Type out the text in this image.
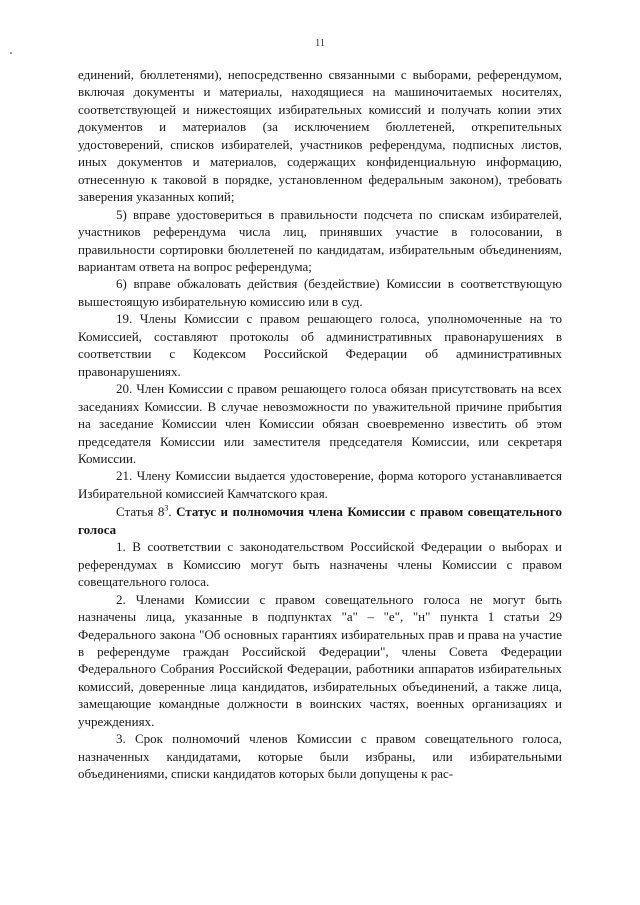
11

единений, бюллетенями), непосредственно связанными с выборами, референдумом, включая документы и материалы, находящиеся на машиночитаемых носителях, соответствующей и нижестоящих избирательных комиссий и получать копии этих документов и материалов (за исключением бюллетеней, открепительных удостоверений, списков избирателей, участников референдума, подписных листов, иных документов и материалов, содержащих конфиденциальную информацию, отнесенную к таковой в порядке, установленном федеральным законом), требовать заверения указанных копий;

5) вправе удостовериться в правильности подсчета по спискам избирателей, участников референдума числа лиц, принявших участие в голосовании, в правильности сортировки бюллетеней по кандидатам, избирательным объединениям, вариантам ответа на вопрос референдума;

6) вправе обжаловать действия (бездействие) Комиссии в соответствующую вышестоящую избирательную комиссию или в суд.

19. Члены Комиссии с правом решающего голоса, уполномоченные на то Комиссией, составляют протоколы об административных правонарушениях в соответствии с Кодексом Российской Федерации об административных правонарушениях.

20. Член Комиссии с правом решающего голоса обязан присутствовать на всех заседаниях Комиссии. В случае невозможности по уважительной причине прибытия на заседание Комиссии член Комиссии обязан своевременно известить об этом председателя Комиссии или заместителя председателя Комиссии, или секретаря Комиссии.

21. Члену Комиссии выдается удостоверение, форма которого устанавливается Избирательной комиссией Камчатского края.

Статья $8^3$. Статус и полномочия члена Комиссии с правом совещательного голоса

1. В соответствии с законодательством Российской Федерации о выборах и референдумах в Комиссию могут быть назначены члены Комиссии с правом совещательного голоса.

2. Членами Комиссии с правом совещательного голоса не могут быть назначены лица, указанные в подпунктах "а" – "е", "н" пункта 1 статьи 29 Федерального закона "Об основных гарантиях избирательных прав и права на участие в референдуме граждан Российской Федерации", члены Совета Федерации Федерального Собрания Российской Федерации, работники аппаратов избирательных комиссий, доверенные лица кандидатов, избирательных объединений, а также лица, замещающие командные должности в воинских частях, военных организациях и учреждениях.

3. Срок полномочий членов Комиссии с правом совещательного голоса, назначенных кандидатами, которые были избраны, или избирательными объединениями, списки кандидатов которых были допущены к рас-
